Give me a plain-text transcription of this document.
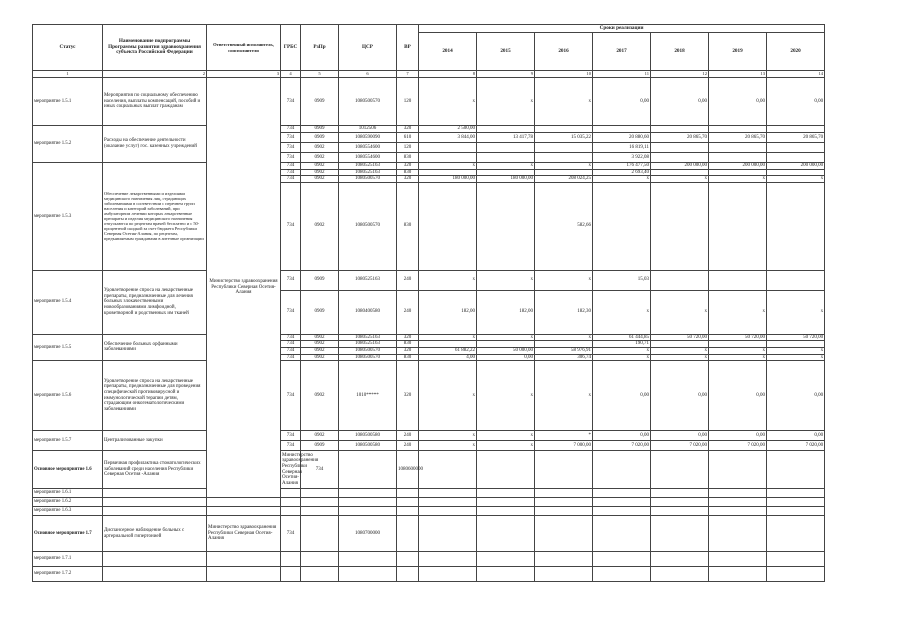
Статус	Наименование подпрограммы Программы развития здравоохранения субъекта Российской Федерации	Ответственный исполнитель, соисполнители	ГРБС	РзПр	ЦСР	ВР	Сроки реализации							
							2014	2015	2016	2017	2018	2019	2020	
1	2	3	4	5	6	7	8	9	10	11	12	13	14	
мероприятие 1.5.1	Мероприятия по социальному обеспечению населения, выплаты компенсаций, пособий и иных социальных выплат гражданам	Министерство здравоохранения Республики Северная Осетия-Алания	734	0909	1080500570	120	x	x	x	0,00	0,00	0,00	0,00	
мероприятие 1.5.2	Расходы на обеспечение деятельности (оказание услуг) гос. казенных учреждений		734	0909	1012506	320	2 500,00							
			734	0909	1080590090	610	3 844,00	13 417,78	15 035,22	20 880,60	20 865,70	20 865,70	20 865,70	
			734	0902	1080554600	120				16 819,11				
			734	0902	1080554600	830				3 922,08				
мероприятие 1.5.3	Обеспечение лекарственными и изделиями медицинского назначения лиц, страдающих заболеваниями в соответствии с перечнем групп населения и категорий заболеваний, при амбулаторном лечении которых лекарственные препараты и изделия медицинского назначения отпускаются по рецептам врачей бесплатно и с 50-процентной скидкой за счет бюджета Республики Северная Осетия-Алания, по рецептам, предъявляемым гражданами в аптечные организации		734	0902	1080525163	320	x	x	x	176 477,50	200 000,00	200 000,00	200 000,00	
			734	0902	1080525163	830				2 693,40				
			734	0902	1080500570	320	180 000,00	180 000,00	208 024,25	x	x	x	x	
			734	0902	1080500570	830			582,66					
мероприятие 1.5.4	Удовлетворение спроса на лекарственные препараты, предназначенные для лечения больных злокачественными новообразованиями лимфоидной, кроветворной и родственных им тканей		734	0909	1080525163	240	x	x	x	15,03				
			734	0909	1080400580	240	182,00	182,00	182,30	x	x	x	x	
мероприятие 1.5.5	Обеспечение больных орфанными заболеваниями		734	0902	1080525163	320	x	x	x	61 444,85	50 720,00	50 720,00	50 720,00	
			734	0902	1080525163	830				190,71				
			734	0902	1080500570	320	61 882,22	50 000,00	58 976,91	x	x	x	x	
			734	0902	1080500570	830	4,00	0,00	306,74	x	x	x	x	
мероприятие 1.5.6	Удовлетворение спроса на лекарственные препараты, предназначенные для проведения специфической противовирусной и иммунологической терапии детям, страдающим онкогематологическими заболеваниями		734	0902	1010*****	320	x	x	x	0,00	0,00	0,00	0,00	
мероприятие 1.5.7	Централизованные закупки		734	0902	1080500580	240	x	x	*	0,00	0,00	0,00	0,00	
			734	0909	1080500580	240	x	x	7 000,00	7 020,00	7 020,00	7 020,00	7 020,00	
Основное мероприятие 1.6	Первичная профилактика стоматологических заболеваний среди населения Республики Северная Осетия -Алания		Министерство здравоохранения Республики Северная Осетия-Алания	734		1080600000								
мероприятие 1.6.1														
мероприятие 1.6.2														
мероприятие 1.6.3														
Основное мероприятие 1.7	Диспансерное наблюдение больных с артериальной гипертонией	Министерство здравоохранения Республики Северная Осетия-Алания	734		1080700000									
мероприятие 1.7.1														
мероприятие 1.7.2														
